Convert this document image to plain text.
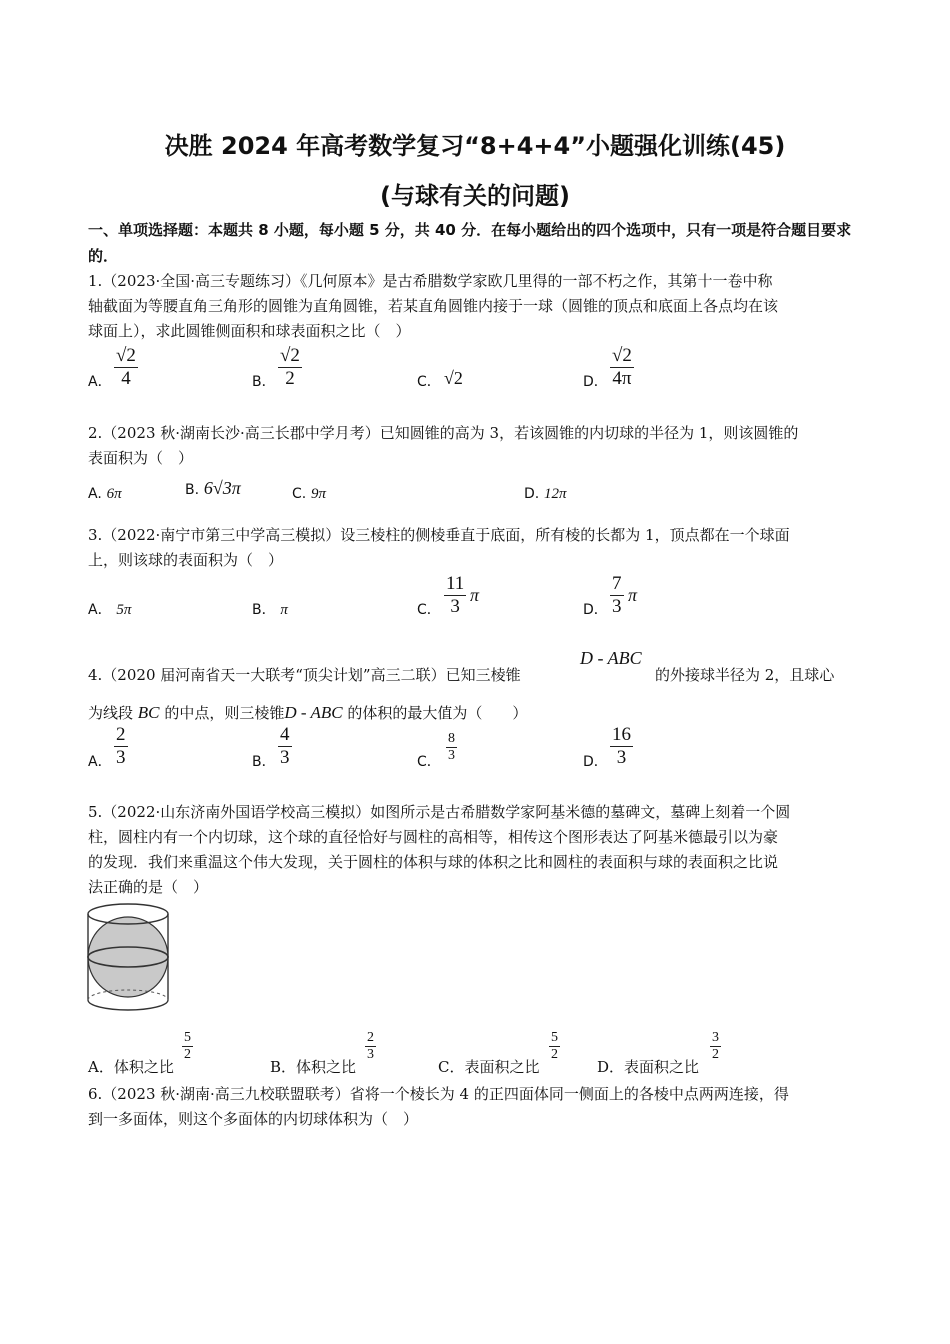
决胜 2024 年高考数学复习“8+4+4”小题强化训练(45)
(与球有关的问题)
一、单项选择题：本题共 8 小题，每小题 5 分，共 40 分．在每小题给出的四个选项中，只有一项是符合题目要求的．
1.（2023·全国·高三专题练习）《几何原本》是古希腊数学家欧几里得的一部不朽之作，其第十一卷中称
轴截面为等腰直角三角形的圆锥为直角圆锥，若某直角圆锥内接于一球（圆锥的顶点和底面上各点均在该
球面上），求此圆锥侧面积和球表面积之比（　）
A． $\frac{√2}{4}$	B． $\frac{√2}{2}$	C． √2	D． $\frac{√2}{4\pi}$
2.（2023 秋·湖南长沙·高三长郡中学月考）已知圆锥的高为 3，若该圆锥的内切球的半径为 1，则该圆锥的
表面积为（　）
A. 6π	B. 6√3π	C. 9π	D. 12π
3.（2022·南宁市第三中学高三模拟）设三棱柱的侧棱垂直于底面，所有棱的长都为 1，顶点都在一个球面
上，则该球的表面积为（　）
A． 5π	B． π	C． $\frac{11}{3}$ π
D． $\frac{7}{3}$ π
4.（2020 届河南省天一大联考“顶尖计划”高三二联）已知三棱锥
D - ABC
的外接球半径为 2，且球心
为线段 BC 的中点，则三棱锥D - ABC 的体积的最大值为（　　）
A． $\frac{2}{3}$	B． $\frac{4}{3}$	C． $\frac{8}{3}$	D． $\frac{16}{3}$
5.（2022·山东济南外国语学校高三模拟）如图所示是古希腊数学家阿基米德的墓碑文，墓碑上刻着一个圆
柱，圆柱内有一个内切球，这个球的直径恰好与圆柱的高相等，相传这个图形表达了阿基米德最引以为豪
的发现．我们来重温这个伟大发现，关于圆柱的体积与球的体积之比和圆柱的表面积与球的表面积之比说
法正确的是（　）
A．体积之比
$\frac{5}{2}$
B．体积之比
$\frac{2}{3}$
C．表面积之比
$\frac{5}{2}$
D．表面积之比
$\frac{3}{2}$
6.（2023 秋·湖南·高三九校联盟联考）省将一个棱长为 4 的正四面体同一侧面上的各棱中点两两连接，得
到一多面体，则这个多面体的内切球体积为（　）
